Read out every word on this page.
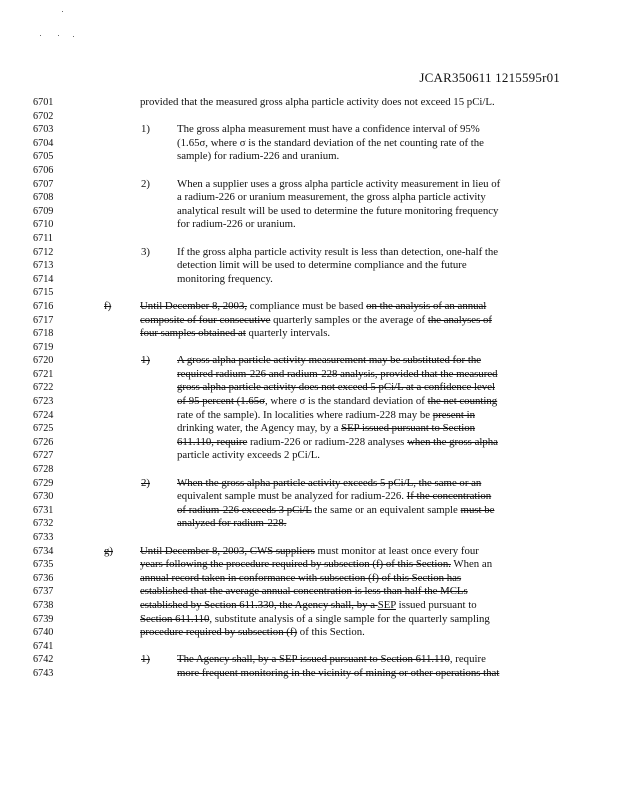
JCAR350611 1215595r01
6701	provided that the measured gross alpha particle activity does not exceed 15 pCi/L.
6702
6703	1)	The gross alpha measurement must have a confidence interval of 95%
6704	(1.65σ, where σ is the standard deviation of the net counting rate of the
6705	sample) for radium-226 and uranium.
6706
6707	2)	When a supplier uses a gross alpha particle activity measurement in lieu of
6708	a radium-226 or uranium measurement, the gross alpha particle activity
6709	analytical result will be used to determine the future monitoring frequency
6710	for radium-226 or uranium.
6711
6712	3)	If the gross alpha particle activity result is less than detection, one-half the
6713	detection limit will be used to determine compliance and the future
6714	monitoring frequency.
6715
6716	f)	Until December 8, 2003, compliance must be based on the analysis of an annual
6717	composite of four consecutive quarterly samples or the average of the analyses of
6718	four samples obtained at quarterly intervals.
6719
6720	1)	A gross alpha particle activity measurement may be substituted for the
6721	required radium-226 and radium-228 analysis, provided that the measured
6722	gross alpha particle activity does not exceed 5 pCi/L at a confidence level
6723	of 95 percent (1.65σ, where σ is the standard deviation of the net counting
6724	rate of the sample). In localities where radium-228 may be present in
6725	drinking water, the Agency may, by a SEP issued pursuant to Section
6726	611.110, require radium-226 or radium-228 analyses when the gross alpha
6727	particle activity exceeds 2 pCi/L.
6728
6729	2)	When the gross alpha particle activity exceeds 5 pCi/L, the same or an
6730	equivalent sample must be analyzed for radium-226. If the concentration
6731	of radium-226 exceeds 3 pCi/L the same or an equivalent sample must be
6732	analyzed for radium-228.
6733
6734	g)	Until December 8, 2003, CWS suppliers must monitor at least once every four
6735	years following the procedure required by subsection (f) of this Section. When an
6736	annual record taken in conformance with subsection (f) of this Section has
6737	established that the average annual concentration is less than half the MCLs
6738	established by Section 611.330, the Agency shall, by a SEP issued pursuant to
6739	Section 611.110, substitute analysis of a single sample for the quarterly sampling
6740	procedure required by subsection (f) of this Section.
6741
6742	1)	The Agency shall, by a SEP issued pursuant to Section 611.110, require
6743	more frequent monitoring in the vicinity of mining or other operations that
